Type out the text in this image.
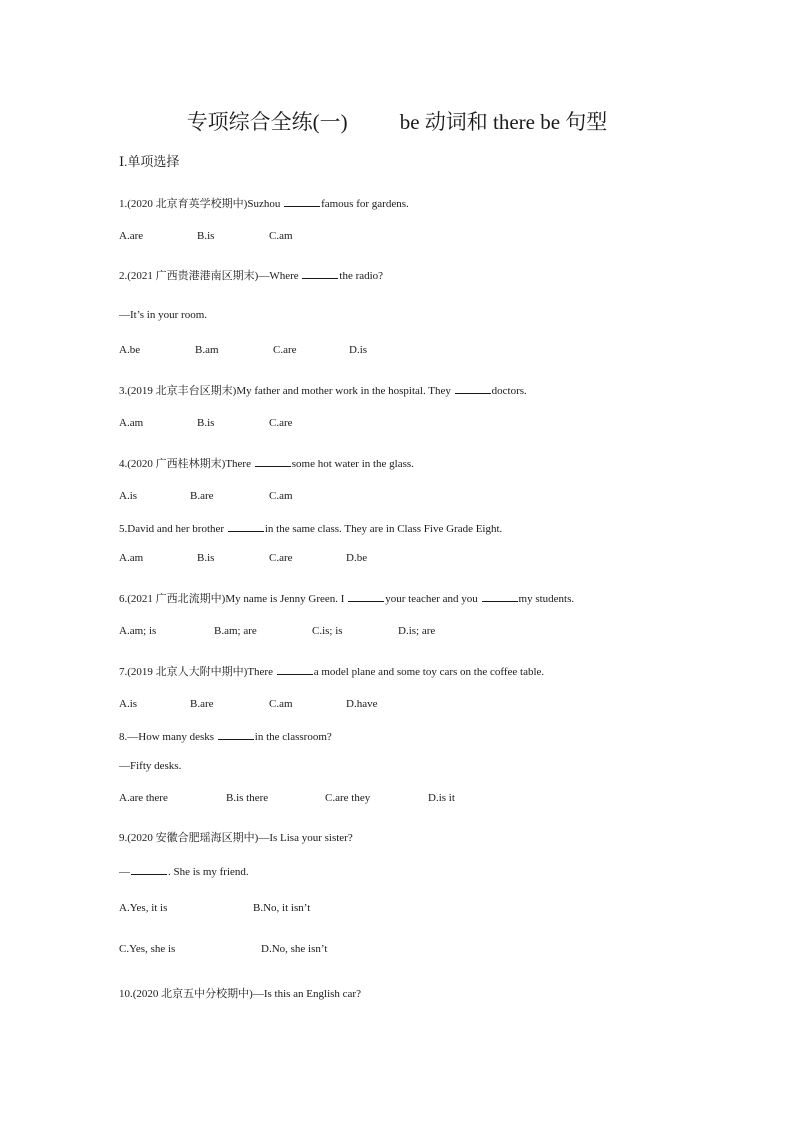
专项综合全练(一) be 动词和 there be 句型
Ⅰ.单项选择
1.(2020 北京育英学校期中)Suzhou	famous for gardens.
A.are	B.is	C.am
2.(2021 广西贵港港南区期末)—Where	the radio?
—It’s in your room.
A.be	B.am	C.are	D.is
3.(2019 北京丰台区期末)My father and mother work in the hospital. They	doctors.
A.am	B.is	C.are
4.(2020 广西桂林期末)There	some hot water in the glass.
A.is	B.are	C.am
5.David and her brother	in the same class. They are in Class Five Grade Eight.
A.am	B.is	C.are	D.be
6.(2021 广西北流期中)My name is Jenny Green. I	your teacher and you	my students.
A.am; is	B.am; are	C.is; is	D.is; are
7.(2019 北京人大附中期中)There	a model plane and some toy cars on the coffee table.
A.is	B.are	C.am	D.have
8.—How many desks	in the classroom?
—Fifty desks.
A.are there	B.is there	C.are they	D.is it
9.(2020 安徽合肥瑶海区期中)—Is Lisa your sister?
—	. She is my friend.
A.Yes, it is	B.No, it isn’t
C.Yes, she is	D.No, she isn’t
10.(2020 北京五中分校期中)—Is this an English car?
